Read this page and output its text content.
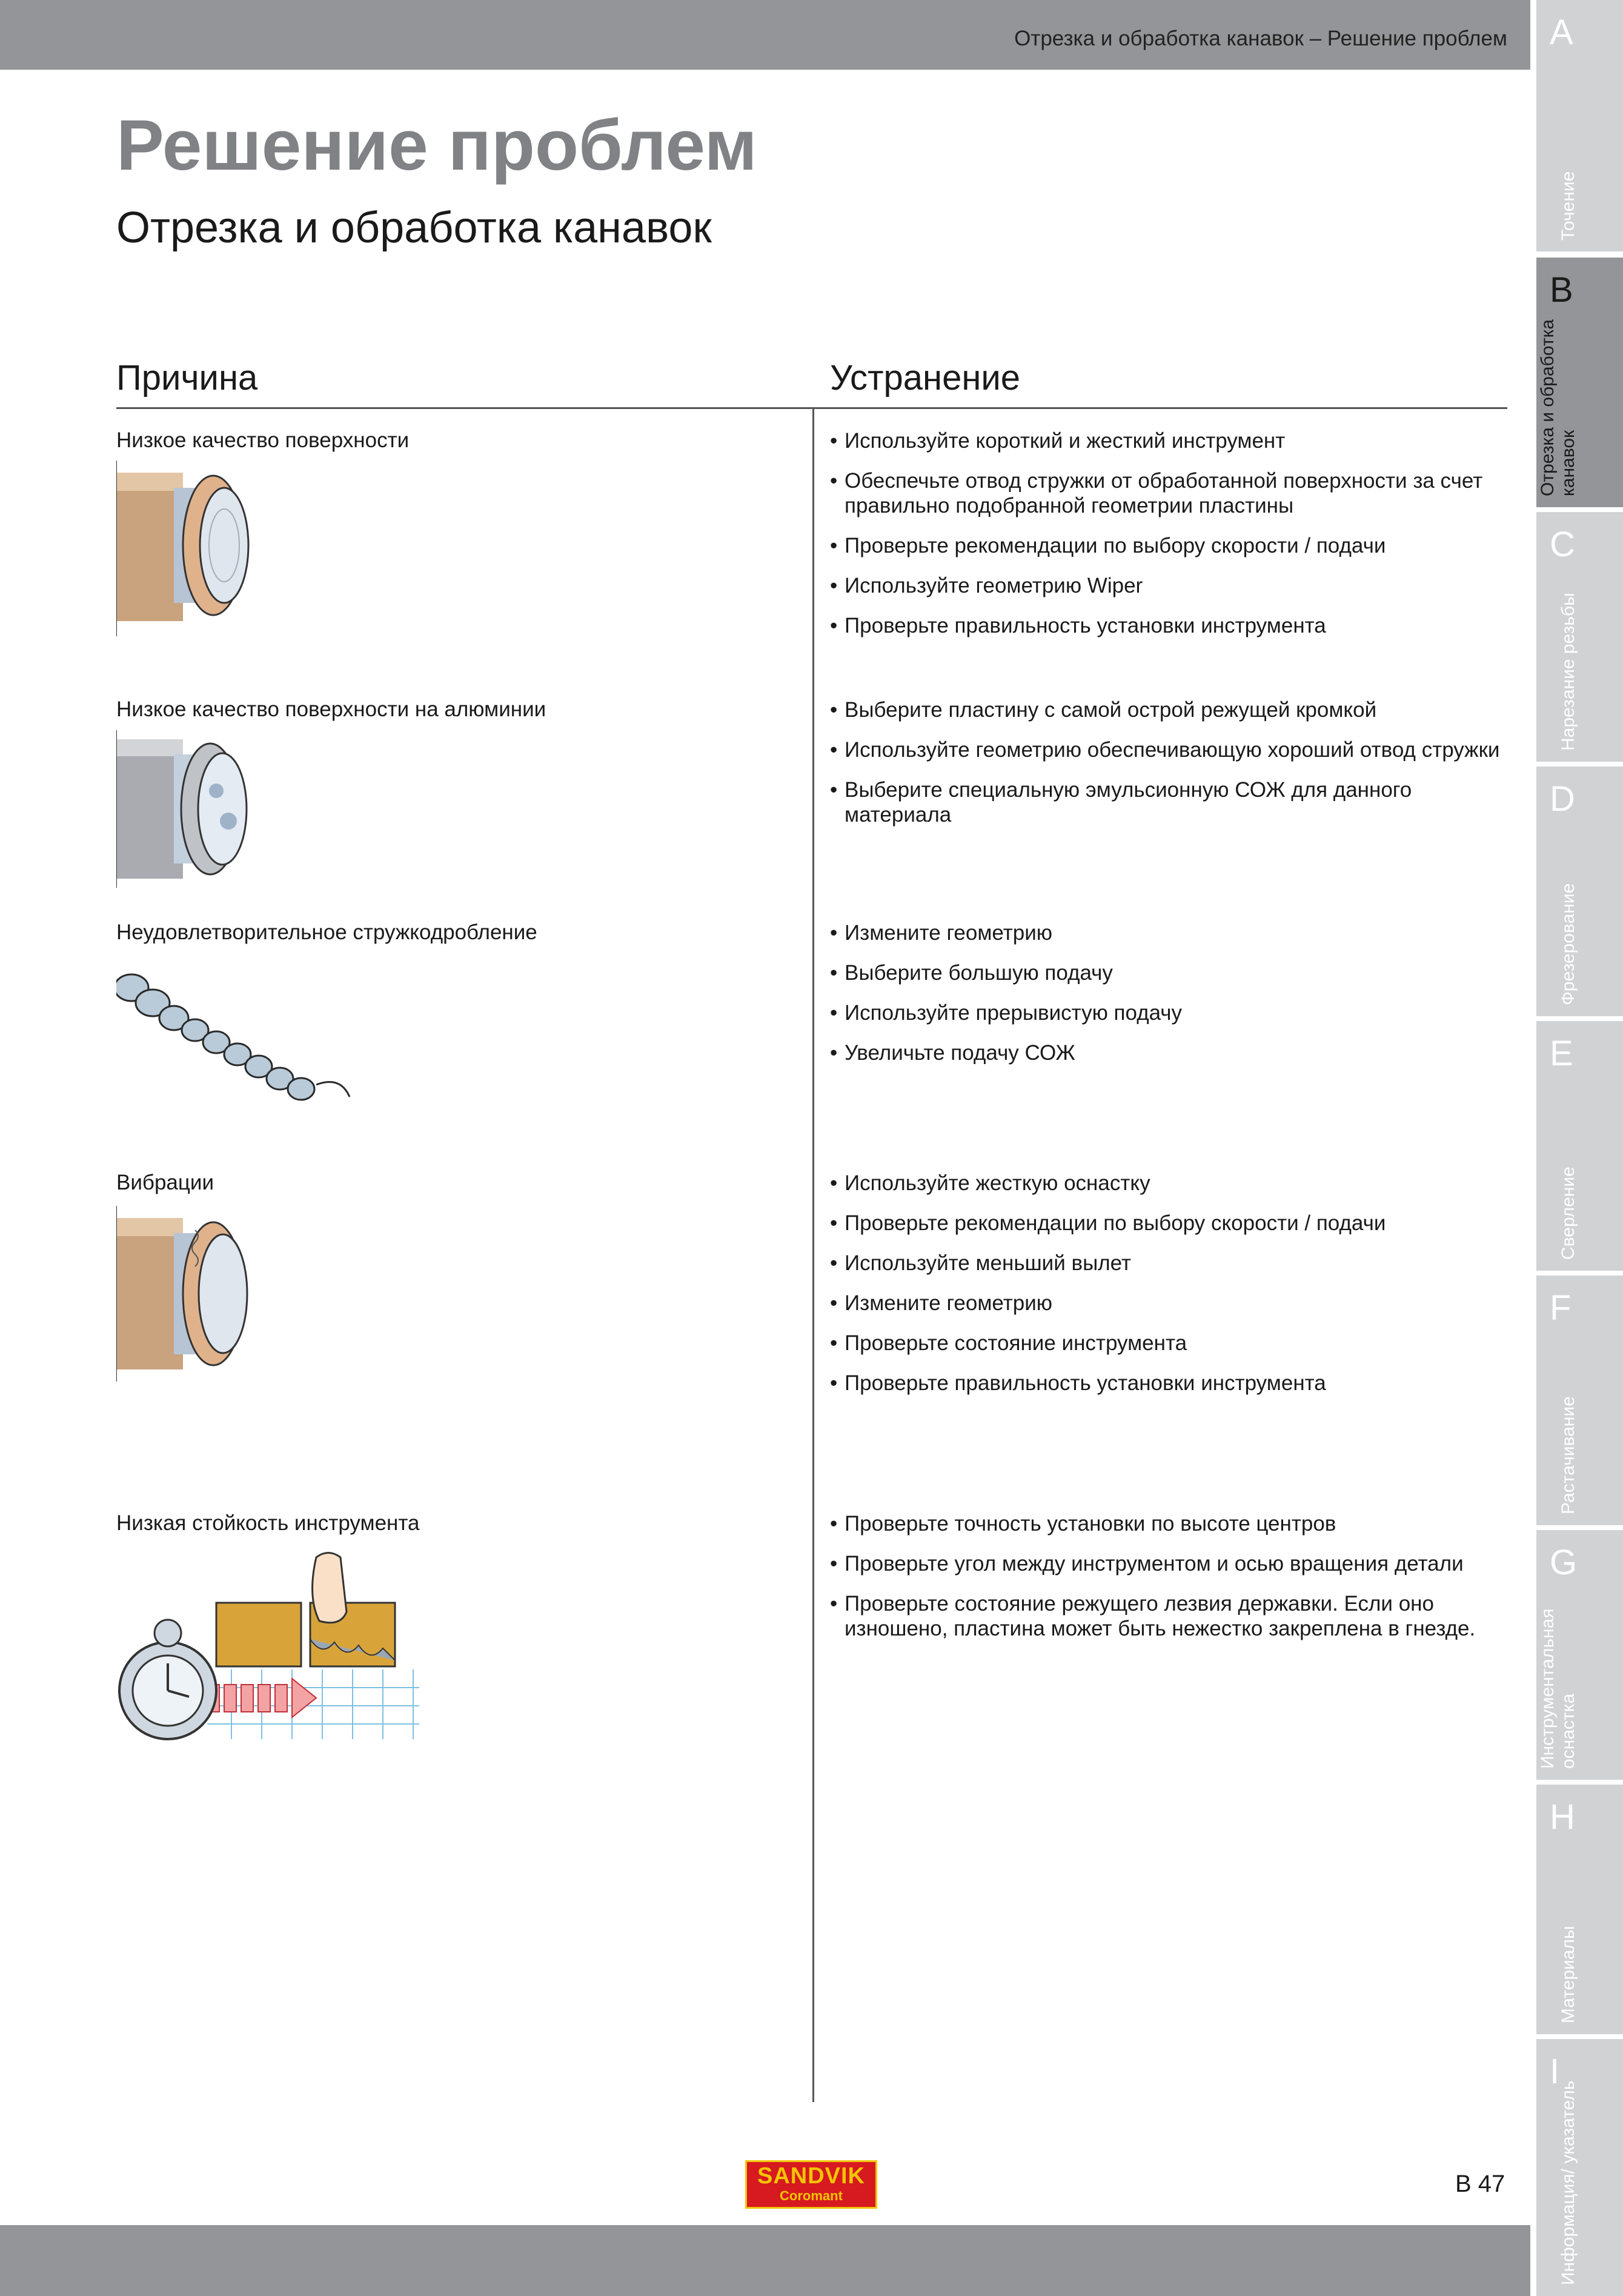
Отрезка и обработка канавок – Решение проблем
Решение проблем
Отрезка и обработка канавок
Причина	Устранение
Низкое качество поверхности	• Используйте короткий и жесткий инструмент
• Обеспечьте отвод стружки от обработанной поверхности за счет правильно подобранной геометрии пластины
• Проверьте рекомендации по выбору скорости / подачи
• Используйте геометрию Wiper
• Проверьте правильность установки инструмента
Низкое качество поверхности на алюминии	• Выберите пластину с самой острой режущей кромкой
• Используйте геометрию обеспечивающую хороший отвод стружки
• Выберите специальную эмульсионную СОЖ для данного материала
Неудовлетворительное стружкодробление	• Измените геометрию
• Выберите большую подачу
• Используйте прерывистую подачу
• Увеличьте подачу СОЖ
Вибрации	• Используйте жесткую оснастку
• Проверьте рекомендации по выбору скорости / подачи
• Используйте меньший вылет
• Измените геометрию
• Проверьте состояние инструмента
• Проверьте правильность установки инструмента
Низкая стойкость инструмента	• Проверьте точность установки по высоте центров
• Проверьте угол между инструментом и осью вращения детали
• Проверьте состояние режущего лезвия державки. Если оно изношено, пластина может быть нежестко закреплена в гнезде.
A
Точение
B
Отрезка и обработка канавок
C
Нарезание резьбы
D
Фрезерование
E
Сверление
F
Растачивание
G
Инструментальная оснастка
H
Материалы
I
Информация/ указатель
SANDVIK
Coromant	B 47
